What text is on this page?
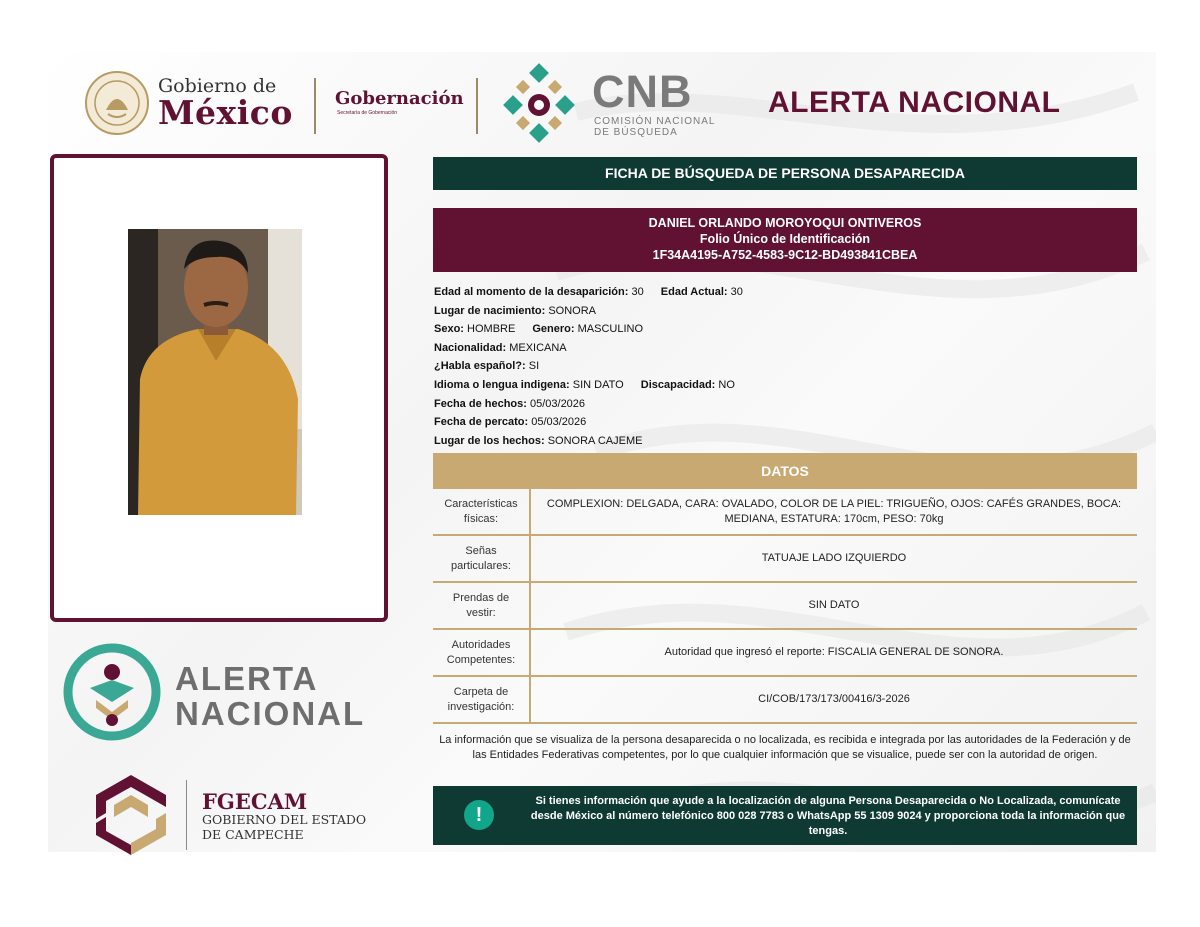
Gobierno de
México Gobernación
Secretaría de Gobernación	CNB
COMISIÓN NACIONAL
DE BÚSQUEDA
ALERTA NACIONAL
ALERTA
NACIONAL
FGECAM
GOBIERNO DEL ESTADO
DE CAMPECHE
FICHA DE BÚSQUEDA DE PERSONA DESAPARECIDA
DANIEL ORLANDO MOROYOQUI ONTIVEROS
Folio Único de Identificación
1F34A4195-A752-4583-9C12-BD493841CBEA
Edad al momento de la desaparición: 30 Edad Actual: 30
Lugar de nacimiento: SONORA
Sexo: HOMBRE Genero: MASCULINO
Nacionalidad: MEXICANA
¿Habla español?: SI
Idioma o lengua indigena: SIN DATO Discapacidad: NO
Fecha de hechos: 05/03/2026
Fecha de percato: 05/03/2026
Lugar de los hechos: SONORA CAJEME
DATOS
Características físicas:	COMPLEXION: DELGADA, CARA: OVALADO, COLOR DE LA PIEL: TRIGUEÑO, OJOS: CAFÉS GRANDES, BOCA: MEDIANA, ESTATURA: 170cm, PESO: 70kg
Señas particulares:	TATUAJE LADO IZQUIERDO
Prendas de vestir:	SIN DATO
Autoridades Competentes:	Autoridad que ingresó el reporte: FISCALIA GENERAL DE SONORA.
Carpeta de investigación:	CI/COB/173/173/00416/3-2026
La información que se visualiza de la persona desaparecida o no localizada, es recibida e integrada por las autoridades de la Federación y de las Entidades Federativas competentes, por lo que cualquier información que se visualice, puede ser con la autoridad de origen.
!
Si tienes información que ayude a la localización de alguna Persona Desaparecida o No Localizada, comunícate desde México al número telefónico 800 028 7783 o WhatsApp 55 1309 9024 y proporciona toda la información que tengas.
